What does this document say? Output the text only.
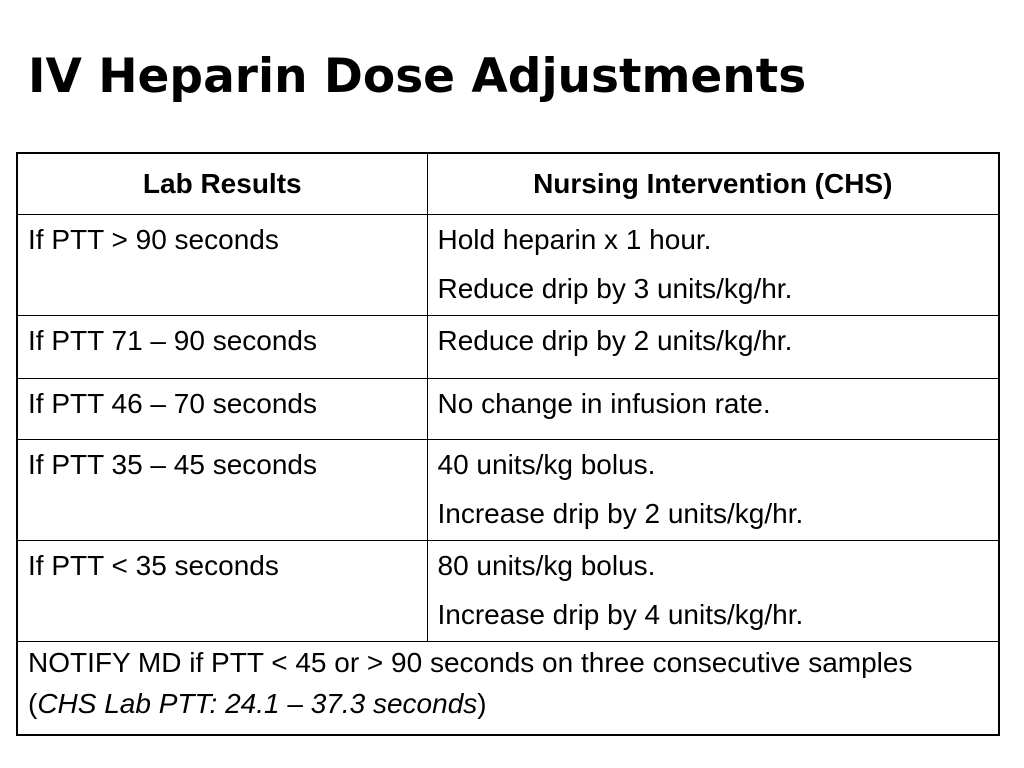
IV Heparin Dose Adjustments
Lab Results	Nursing Intervention (CHS)

If PTT > 90 seconds	Hold heparin x 1 hour.
Reduce drip by 3 units/kg/hr.

If PTT 71 – 90 seconds	Reduce drip by 2 units/kg/hr.

If PTT 46 – 70 seconds	No change in infusion rate.

If PTT 35 – 45 seconds	40 units/kg bolus.
Increase drip by 2 units/kg/hr.

If PTT < 35 seconds	80 units/kg bolus.
Increase drip by 4 units/kg/hr.

NOTIFY MD if PTT < 45 or > 90 seconds on three consecutive samples (CHS Lab PTT: 24.1 – 37.3 seconds)	
